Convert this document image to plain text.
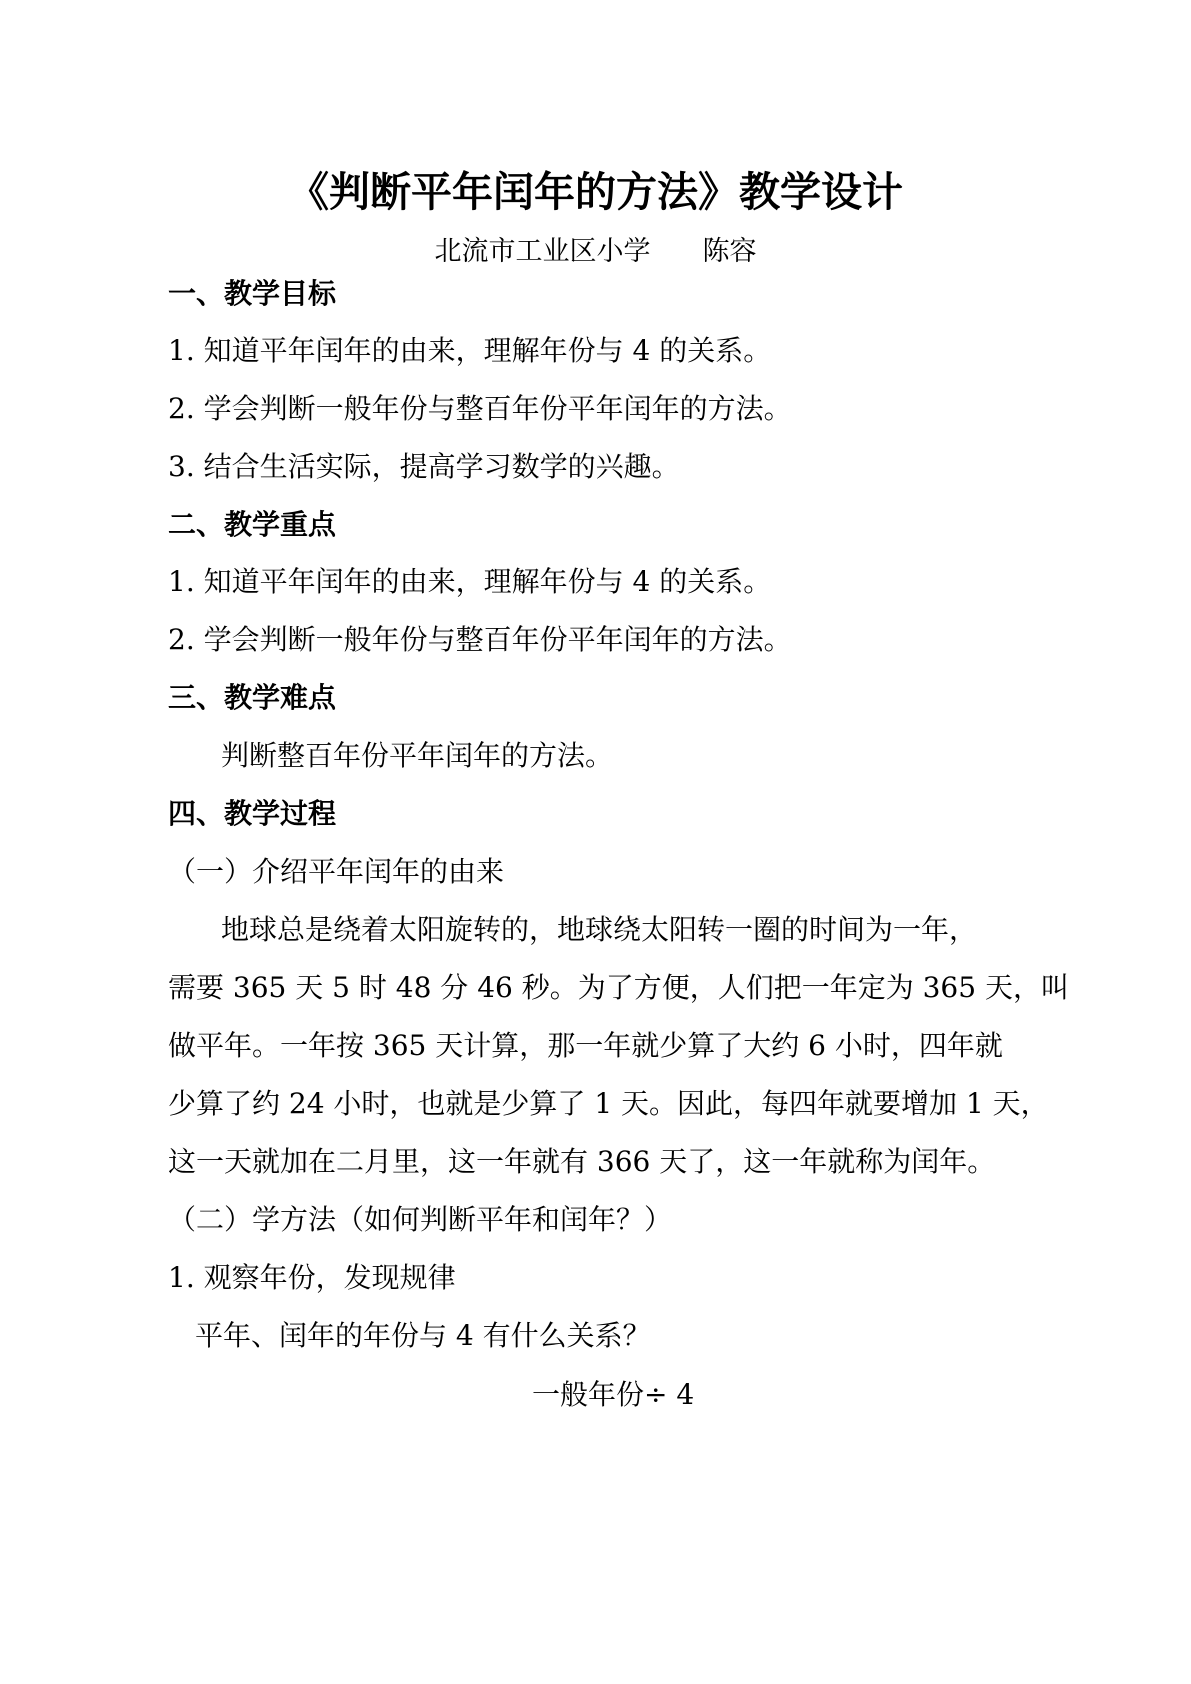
《判断平年闰年的方法》教学设计
北流市工业区小学 陈容
一、教学目标
1. 知道平年闰年的由来，理解年份与 4 的关系。
2. 学会判断一般年份与整百年份平年闰年的方法。
3. 结合生活实际，提高学习数学的兴趣。
二、教学重点
1. 知道平年闰年的由来，理解年份与 4 的关系。
2. 学会判断一般年份与整百年份平年闰年的方法。
三、教学难点
判断整百年份平年闰年的方法。
四、教学过程
（一）介绍平年闰年的由来
地球总是绕着太阳旋转的，地球绕太阳转一圈的时间为一年，
需要 365 天 5 时 48 分 46 秒。为了方便，人们把一年定为 365 天，叫
做平年。一年按 365 天计算，那一年就少算了大约 6 小时，四年就
少算了约 24 小时，也就是少算了 1 天。因此，每四年就要增加 1 天，
这一天就加在二月里，这一年就有 366 天了，这一年就称为闰年。
（二）学方法（如何判断平年和闰年？）
1. 观察年份，发现规律
平年、闰年的年份与 4 有什么关系？
一般年份÷ 4
